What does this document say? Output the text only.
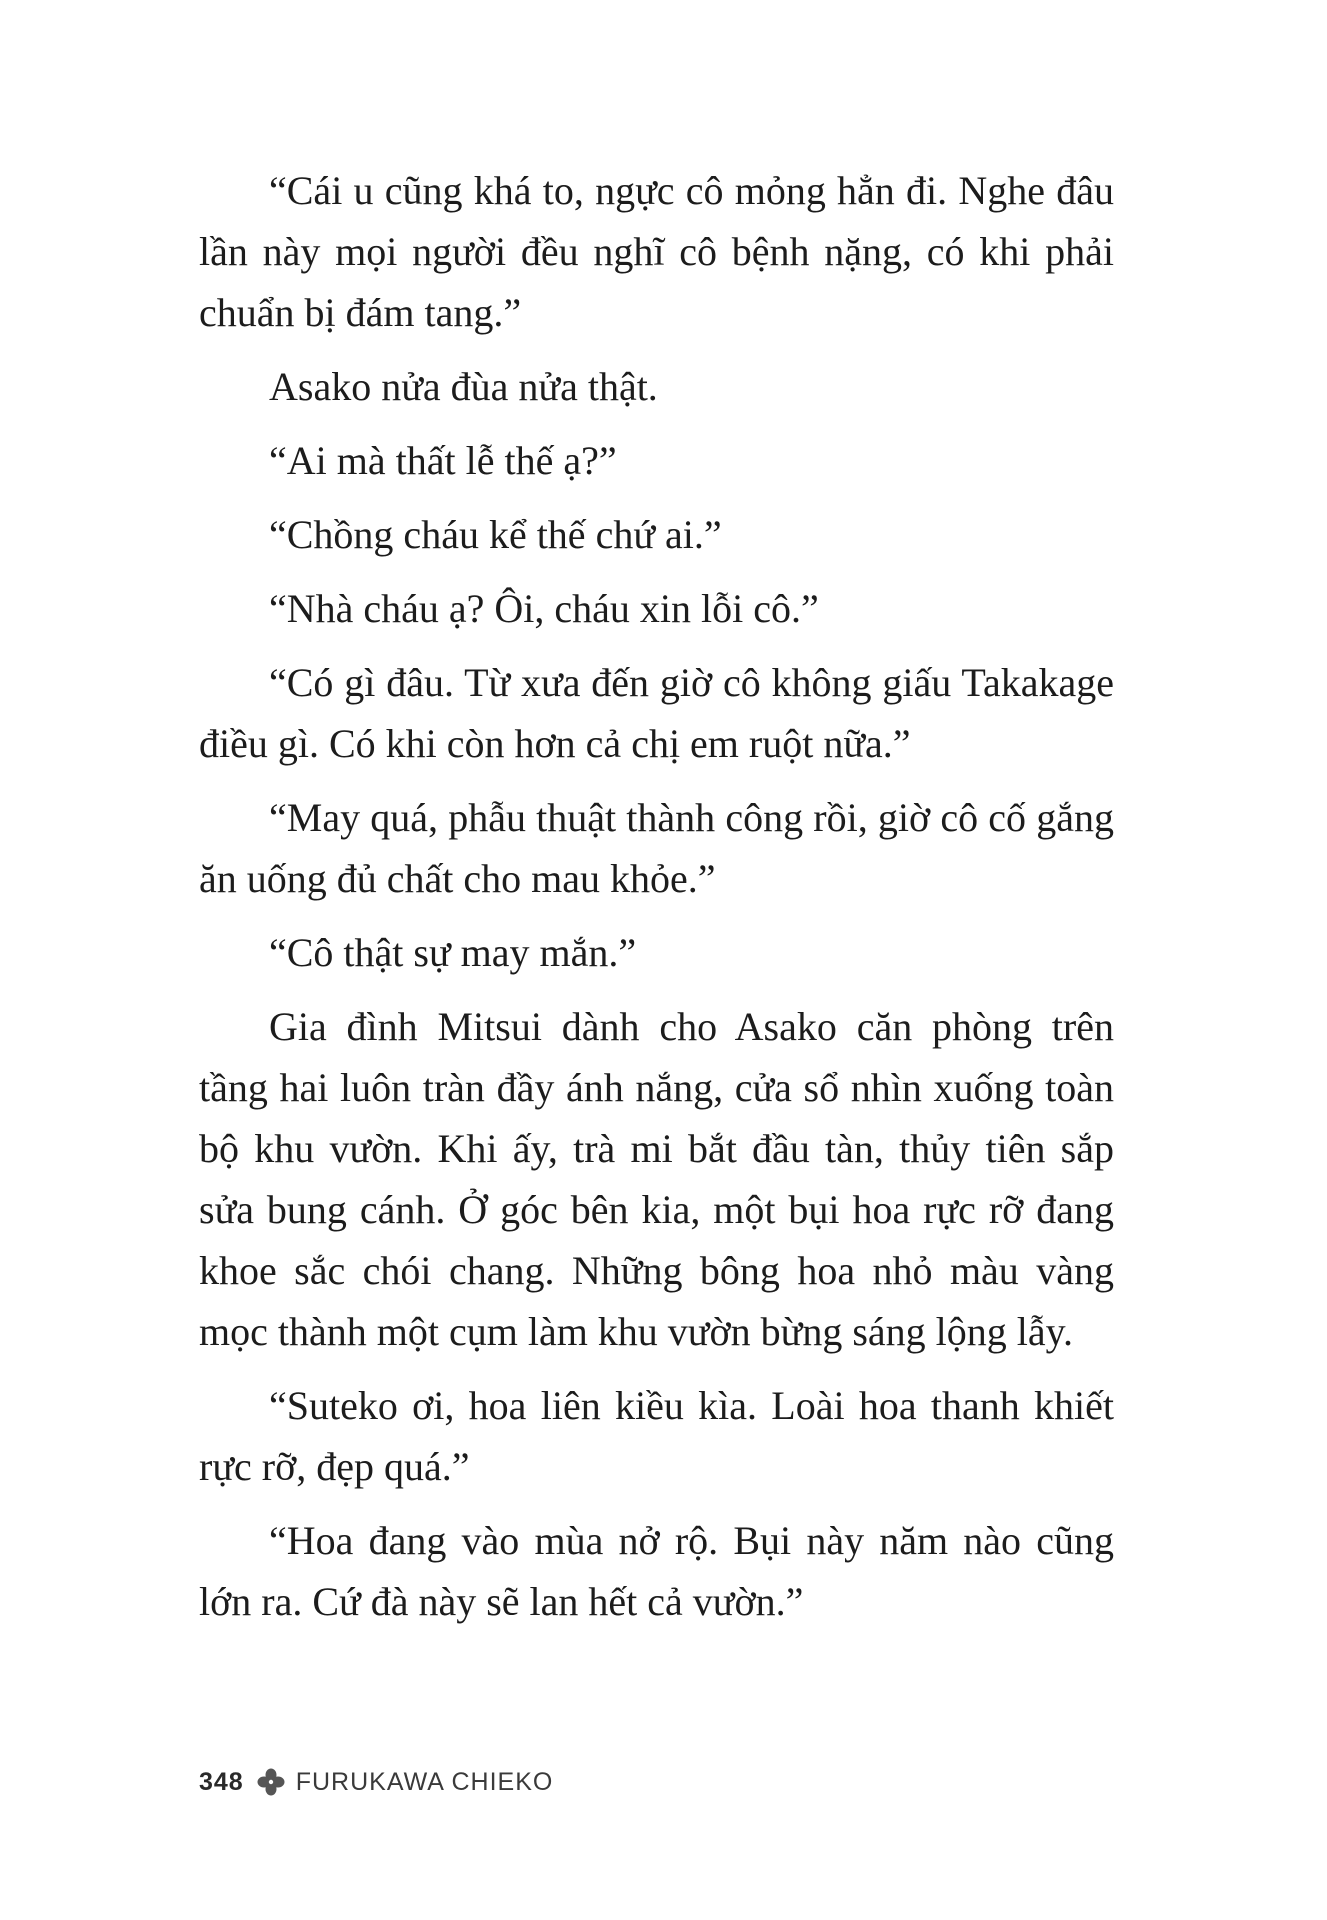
“Cái u cũng khá to, ngực cô mỏng hẳn đi. Nghe đâu lần này mọi người đều nghĩ cô bệnh nặng, có khi phải chuẩn bị đám tang.”

Asako nửa đùa nửa thật.

“Ai mà thất lễ thế ạ?”

“Chồng cháu kể thế chứ ai.”

“Nhà cháu ạ? Ôi, cháu xin lỗi cô.”

“Có gì đâu. Từ xưa đến giờ cô không giấu Takakage điều gì. Có khi còn hơn cả chị em ruột nữa.”

“May quá, phẫu thuật thành công rồi, giờ cô cố gắng ăn uống đủ chất cho mau khỏe.”

“Cô thật sự may mắn.”

Gia đình Mitsui dành cho Asako căn phòng trên tầng hai luôn tràn đầy ánh nắng, cửa sổ nhìn xuống toàn bộ khu vườn. Khi ấy, trà mi bắt đầu tàn, thủy tiên sắp sửa bung cánh. Ở góc bên kia, một bụi hoa rực rỡ đang khoe sắc chói chang. Những bông hoa nhỏ màu vàng mọc thành một cụm làm khu vườn bừng sáng lộng lẫy.

“Suteko ơi, hoa liên kiều kìa. Loài hoa thanh khiết rực rỡ, đẹp quá.”

“Hoa đang vào mùa nở rộ. Bụi này năm nào cũng lớn ra. Cứ đà này sẽ lan hết cả vườn.”

348 FURUKAWA CHIEKO
